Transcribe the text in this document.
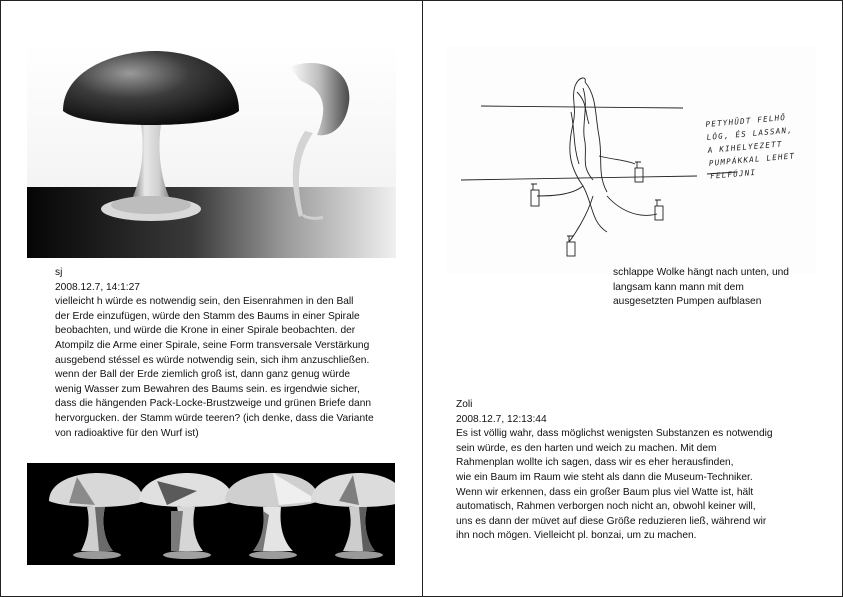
sj
2008.12.7, 14:1:27
vielleicht h würde es notwendig sein, den Eisenrahmen in den Ball
der Erde einzufügen, würde den Stamm des Baums in einer Spirale
beobachten, und würde die Krone in einer Spirale beobachten. der
Atompilz die Arme einer Spirale, seine Form transversale Verstärkung
ausgebend stéssel es würde notwendig sein, sich ihm anzuschließen.
wenn der Ball der Erde ziemlich groß ist, dann ganz genug würde
wenig Wasser zum Bewahren des Baums sein. es irgendwie sicher,
dass die hängenden Pack-Locke-Brustzweige und grünen Briefe dann
hervorgucken. der Stamm würde teeren? (ich denke, dass die Variante
von radioaktive für den Wurf ist)
PETYHÜDT FELHŐ
LÓG, ÉS LASSAN,
A KIHELYEZETT
PUMPÁKKAL LEHET
FELFÚJNI
schlappe Wolke hängt nach unten, und
langsam kann mann mit dem
ausgesetzten Pumpen aufblasen
Zoli
2008.12.7, 12:13:44
Es ist völlig wahr, dass möglichst wenigsten Substanzen es notwendig
sein würde, es den harten und weich zu machen. Mit dem
Rahmenplan wollte ich sagen, dass wir es eher herausfinden,
wie ein Baum im Raum wie steht als dann die Museum-Techniker.
Wenn wir erkennen, dass ein großer Baum plus viel Watte ist, hält
automatisch, Rahmen verborgen noch nicht an, obwohl keiner will,
uns es dann der müvet auf diese Größe reduzieren ließ, während wir
ihn noch mögen. Vielleicht pl. bonzai, um zu machen.
